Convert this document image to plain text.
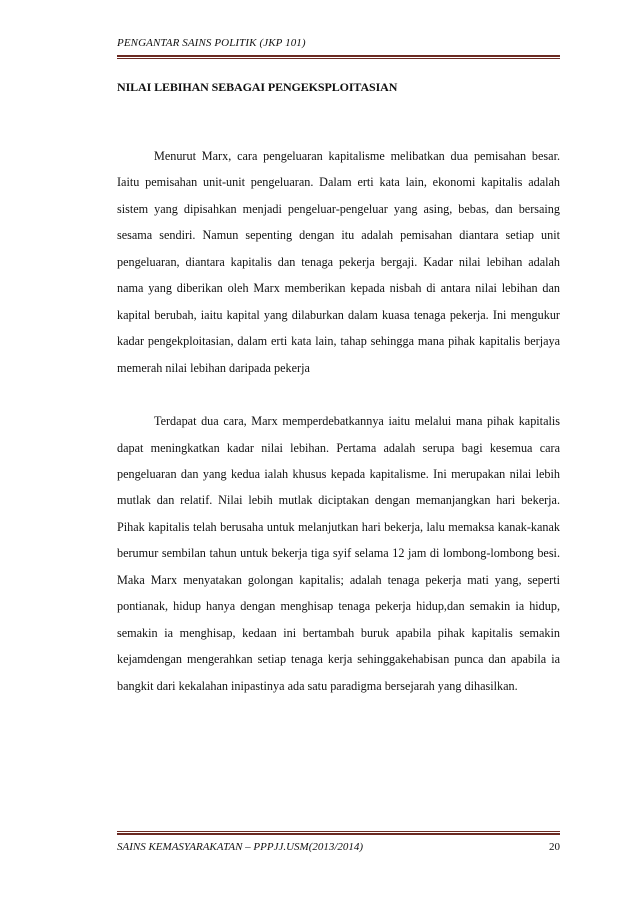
PENGANTAR SAINS POLITIK (JKP 101)
NILAI LEBIHAN SEBAGAI PENGEKSPLOITASIAN

Menurut Marx, cara pengeluaran kapitalisme melibatkan dua pemisahan besar. Iaitu pemisahan unit-unit pengeluaran. Dalam erti kata lain, ekonomi kapitalis adalah sistem yang dipisahkan menjadi pengeluar-pengeluar yang asing, bebas, dan bersaing sesama sendiri. Namun sepenting dengan itu adalah pemisahan diantara setiap unit pengeluaran, diantara kapitalis dan tenaga pekerja bergaji. Kadar nilai lebihan adalah nama yang diberikan oleh Marx memberikan kepada nisbah di antara nilai lebihan dan kapital berubah, iaitu kapital yang dilaburkan dalam kuasa tenaga pekerja. Ini mengukur kadar pengekploitasian, dalam erti kata lain, tahap sehingga mana pihak kapitalis berjaya memerah nilai lebihan daripada pekerja

Terdapat dua cara, Marx memperdebatkannya iaitu melalui mana pihak kapitalis dapat meningkatkan kadar nilai lebihan. Pertama adalah serupa bagi kesemua cara pengeluaran dan yang kedua ialah khusus kepada kapitalisme. Ini merupakan nilai lebih mutlak dan relatif. Nilai lebih mutlak diciptakan dengan memanjangkan hari bekerja. Pihak kapitalis telah berusaha untuk melanjutkan hari bekerja, lalu memaksa kanak-kanak berumur sembilan tahun untuk bekerja tiga syif selama 12 jam di lombong-lombong besi. Maka Marx menyatakan golongan kapitalis; adalah tenaga pekerja mati yang, seperti pontianak, hidup hanya dengan menghisap tenaga pekerja hidup,dan semakin ia hidup, semakin ia menghisap, kedaan ini bertambah buruk apabila pihak kapitalis semakin kejamdengan mengerahkan setiap tenaga kerja sehinggakehabisan punca dan apabila ia bangkit dari kekalahan inipastinya ada satu paradigma bersejarah yang dihasilkan.

SAINS KEMASYARAKATAN – PPPJJ.USM(2013/2014)	20
